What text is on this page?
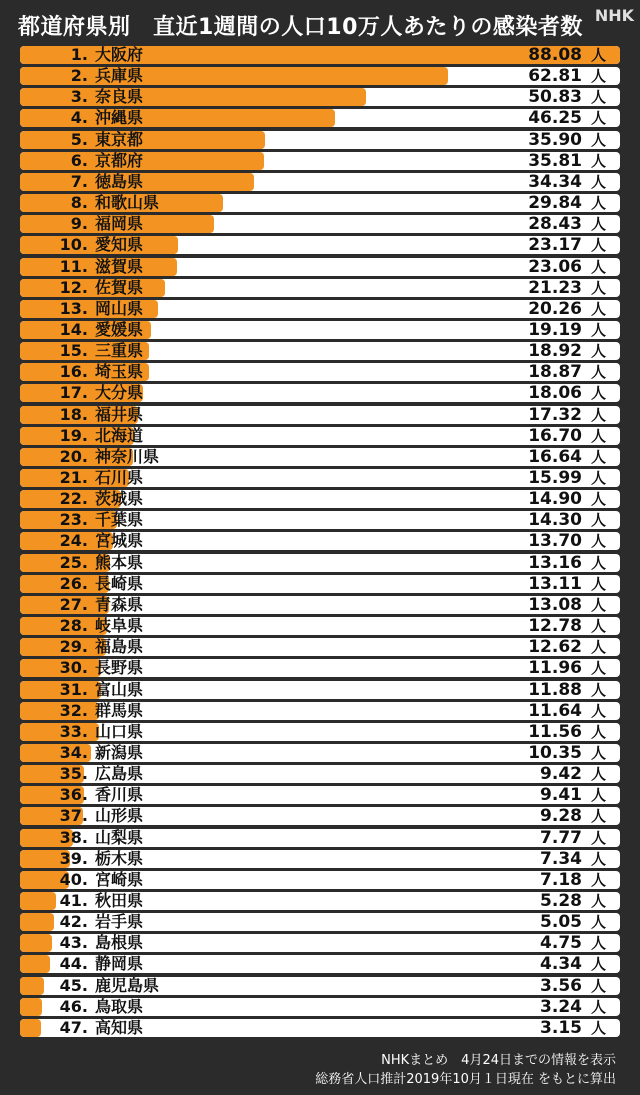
都道府県別　直近1週間の人口10万人あたりの感染者数 NHK
1. 大阪府	88.08 人
2. 兵庫県	62.81 人
3. 奈良県	50.83 人
4. 沖縄県	46.25 人
5. 東京都	35.90 人
6. 京都府	35.81 人
7. 徳島県	34.34 人
8. 和歌山県	29.84 人
9. 福岡県	28.43 人
10. 愛知県	23.17 人
11. 滋賀県	23.06 人
12. 佐賀県	21.23 人
13. 岡山県	20.26 人
14. 愛媛県	19.19 人
15. 三重県	18.92 人
16. 埼玉県	18.87 人
17. 大分県	18.06 人
18. 福井県	17.32 人
19. 北海道	16.70 人
20. 神奈川県	16.64 人
21. 石川県	15.99 人
22. 茨城県	14.90 人
23. 千葉県	14.30 人
24. 宮城県	13.70 人
25. 熊本県	13.16 人
26. 長崎県	13.11 人
27. 青森県	13.08 人
28. 岐阜県	12.78 人
29. 福島県	12.62 人
30. 長野県	11.96 人
31. 富山県	11.88 人
32. 群馬県	11.64 人
33. 山口県	11.56 人
34. 新潟県	10.35 人
35. 広島県	9.42 人
36. 香川県	9.41 人
37. 山形県	9.28 人
38. 山梨県	7.77 人
39. 栃木県	7.34 人
40. 宮崎県	7.18 人
41. 秋田県	5.28 人
42. 岩手県	5.05 人
43. 島根県	4.75 人
44. 静岡県	4.34 人
45. 鹿児島県	3.56 人
46. 鳥取県	3.24 人
47. 高知県	3.15 人
NHKまとめ　4月24日までの情報を表示
総務省人口推計2019年10月１日現在 をもとに算出
